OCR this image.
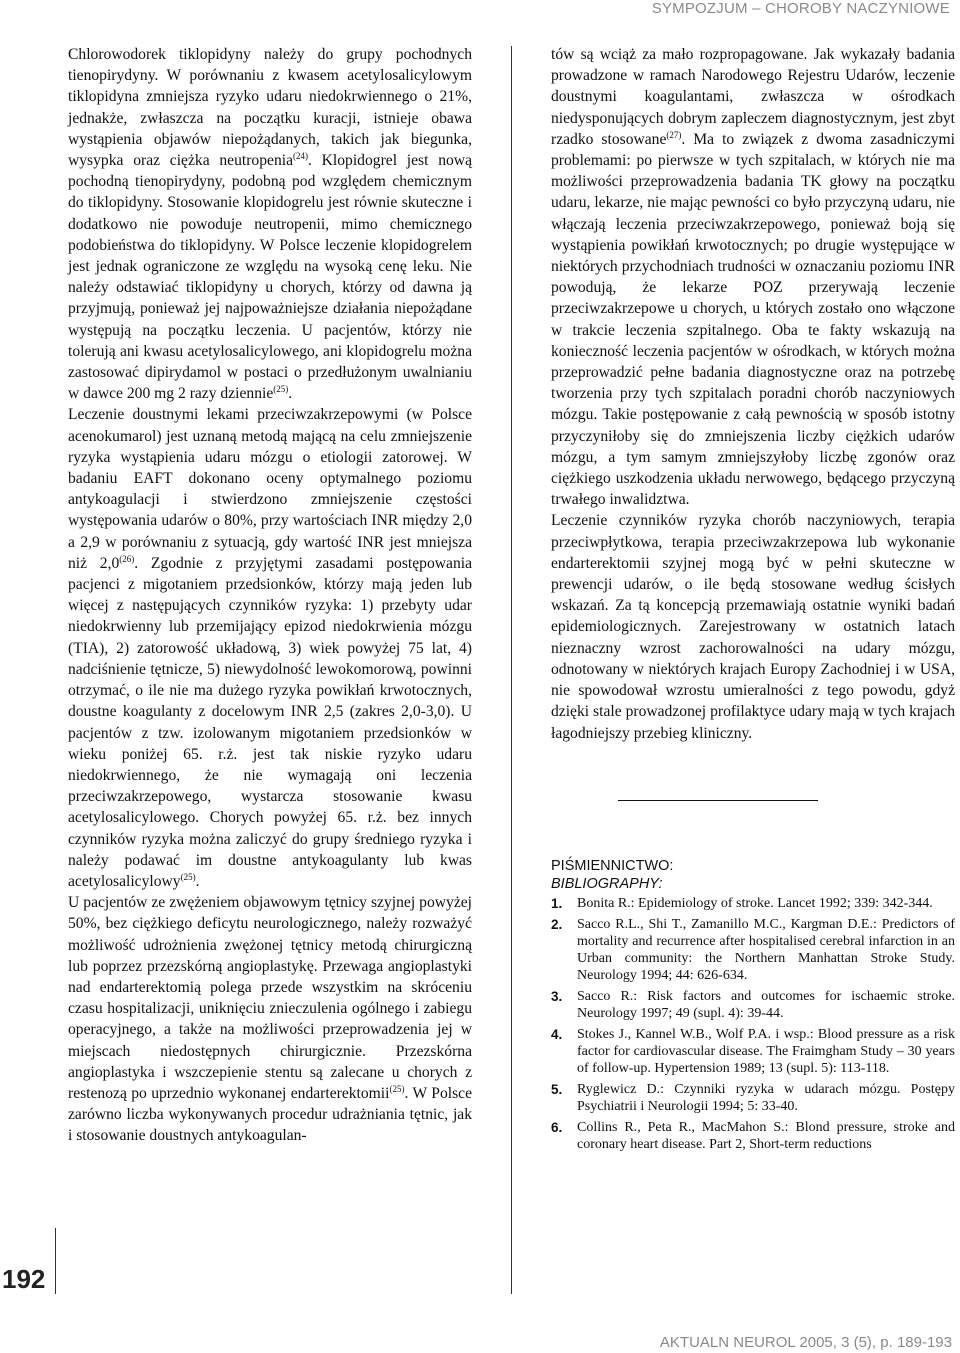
SYMPOZJUM – CHOROBY NACZYNIOWE
192

Chlorowodorek tiklopidyny należy do grupy pochodnych tienopirydyny. W porównaniu z kwasem acetylosalicylowym tiklopidyna zmniejsza ryzyko udaru niedokrwiennego o 21%, jednakże, zwłaszcza na początku kuracji, istnieje obawa wystąpienia objawów niepożądanych, takich jak biegunka, wysypka oraz ciężka neutropenia$^{(24)}$. Klopidogrel jest nową pochodną tienopirydyny, podobną pod względem chemicznym do tiklopidyny. Stosowanie klopidogrelu jest równie skuteczne i dodatkowo nie powoduje neutropenii, mimo chemicznego podobieństwa do tiklopidyny. W Polsce leczenie klopidogrelem jest jednak ograniczone ze względu na wysoką cenę leku. Nie należy odstawiać tiklopidyny u chorych, którzy od dawna ją przyjmują, ponieważ jej najpoważniejsze działania niepożądane występują na początku leczenia. U pacjentów, którzy nie tolerują ani kwasu acetylosalicylowego, ani klopidogrelu można zastosować dipirydamol w postaci o przedłużonym uwalnianiu w dawce 200 mg 2 razy dziennie$^{(25)}$.

Leczenie doustnymi lekami przeciwzakrzepowymi (w Polsce acenokumarol) jest uznaną metodą mającą na celu zmniejszenie ryzyka wystąpienia udaru mózgu o etiologii zatorowej. W badaniu EAFT dokonano oceny optymalnego poziomu antykoagulacji i stwierdzono zmniejszenie częstości występowania udarów o 80%, przy wartościach INR między 2,0 a 2,9 w porównaniu z sytuacją, gdy wartość INR jest mniejsza niż 2,0$^{(26)}$. Zgodnie z przyjętymi zasadami postępowania pacjenci z migotaniem przedsionków, którzy mają jeden lub więcej z następujących czynników ryzyka: 1) przebyty udar niedokrwienny lub przemijający epizod niedokrwienia mózgu (TIA), 2) zatorowość układową, 3) wiek powyżej 75 lat, 4) nadciśnienie tętnicze, 5) niewydolność lewokomorową, powinni otrzymać, o ile nie ma dużego ryzyka powikłań krwotocznych, doustne koagulanty z docelowym INR 2,5 (zakres 2,0-3,0). U pacjentów z tzw. izolowanym migotaniem przedsionków w wieku poniżej 65. r.ż. jest tak niskie ryzyko udaru niedokrwiennego, że nie wymagają oni leczenia przeciwzakrzepowego, wystarcza stosowanie kwasu acetylosalicylowego. Chorych powyżej 65. r.ż. bez innych czynników ryzyka można zaliczyć do grupy średniego ryzyka i należy podawać im doustne antykoagulanty lub kwas acetylosalicylowy$^{(25)}$.

U pacjentów ze zwężeniem objawowym tętnicy szyjnej powyżej 50%, bez ciężkiego deficytu neurologicznego, należy rozważyć możliwość udrożnienia zwężonej tętnicy metodą chirurgiczną lub poprzez przezskórną angioplastykę. Przewaga angioplastyki nad endarterektomią polega przede wszystkim na skróceniu czasu hospitalizacji, uniknięciu znieczulenia ogólnego i zabiegu operacyjnego, a także na możliwości przeprowadzenia jej w miejscach niedostępnych chirurgicznie. Przezskórna angioplastyka i wszczepienie stentu są zalecane u chorych z restenozą po uprzednio wykonanej endarterektomii$^{(25)}$. W Polsce zarówno liczba wykonywanych procedur udrażniania tętnic, jak i stosowanie doustnych antykoagulan-

tów są wciąż za mało rozpropagowane. Jak wykazały badania prowadzone w ramach Narodowego Rejestru Udarów, leczenie doustnymi koagulantami, zwłaszcza w ośrodkach niedysponujących dobrym zapleczem diagnostycznym, jest zbyt rzadko stosowane$^{(27)}$. Ma to związek z dwoma zasadniczymi problemami: po pierwsze w tych szpitalach, w których nie ma możliwości przeprowadzenia badania TK głowy na początku udaru, lekarze, nie mając pewności co było przyczyną udaru, nie włączają leczenia przeciwzakrzepowego, ponieważ boją się wystąpienia powikłań krwotocznych; po drugie występujące w niektórych przychodniach trudności w oznaczaniu poziomu INR powodują, że lekarze POZ przerywają leczenie przeciwzakrzepowe u chorych, u których zostało ono włączone w trakcie leczenia szpitalnego. Oba te fakty wskazują na konieczność leczenia pacjentów w ośrodkach, w których można przeprowadzić pełne badania diagnostyczne oraz na potrzebę tworzenia przy tych szpitalach poradni chorób naczyniowych mózgu. Takie postępowanie z całą pewnością w sposób istotny przyczyniłoby się do zmniejszenia liczby ciężkich udarów mózgu, a tym samym zmniejszyłoby liczbę zgonów oraz ciężkiego uszkodzenia układu nerwowego, będącego przyczyną trwałego inwalidztwa.

Leczenie czynników ryzyka chorób naczyniowych, terapia przeciwpłytkowa, terapia przeciwzakrzepowa lub wykonanie endarterektomii szyjnej mogą być w pełni skuteczne w prewencji udarów, o ile będą stosowane według ścisłych wskazań. Za tą koncepcją przemawiają ostatnie wyniki badań epidemiologicznych. Zarejestrowany w ostatnich latach nieznaczny wzrost zachorowalności na udary mózgu, odnotowany w niektórych krajach Europy Zachodniej i w USA, nie spowodował wzrostu umieralności z tego powodu, gdyż dzięki stale prowadzonej profilaktyce udary mają w tych krajach łagodniejszy przebieg kliniczny.

PIŚMIENNICTWO:
BIBLIOGRAPHY:
1.	Bonita R.: Epidemiology of stroke. Lancet 1992; 339: 342-344.
2.	Sacco R.L., Shi T., Zamanillo M.C., Kargman D.E.: Predictors of mortality and recurrence after hospitalised cerebral infarction in an Urban community: the Northern Manhattan Stroke Study. Neurology 1994; 44: 626-634.
3.	Sacco R.: Risk factors and outcomes for ischaemic stroke. Neurology 1997; 49 (supl. 4): 39-44.
4.	Stokes J., Kannel W.B., Wolf P.A. i wsp.: Blood pressure as a risk factor for cardiovascular disease. The Fraimgham Study – 30 years of follow-up. Hypertension 1989; 13 (supl. 5): 113-118.
5.	Ryglewicz D.: Czynniki ryzyka w udarach mózgu. Postępy Psychiatrii i Neurologii 1994; 5: 33-40.
6.	Collins R., Peta R., MacMahon S.: Blond pressure, stroke and coronary heart disease. Part 2, Short-term reductions
AKTUALN NEUROL 2005, 3 (5), p. 189-193
